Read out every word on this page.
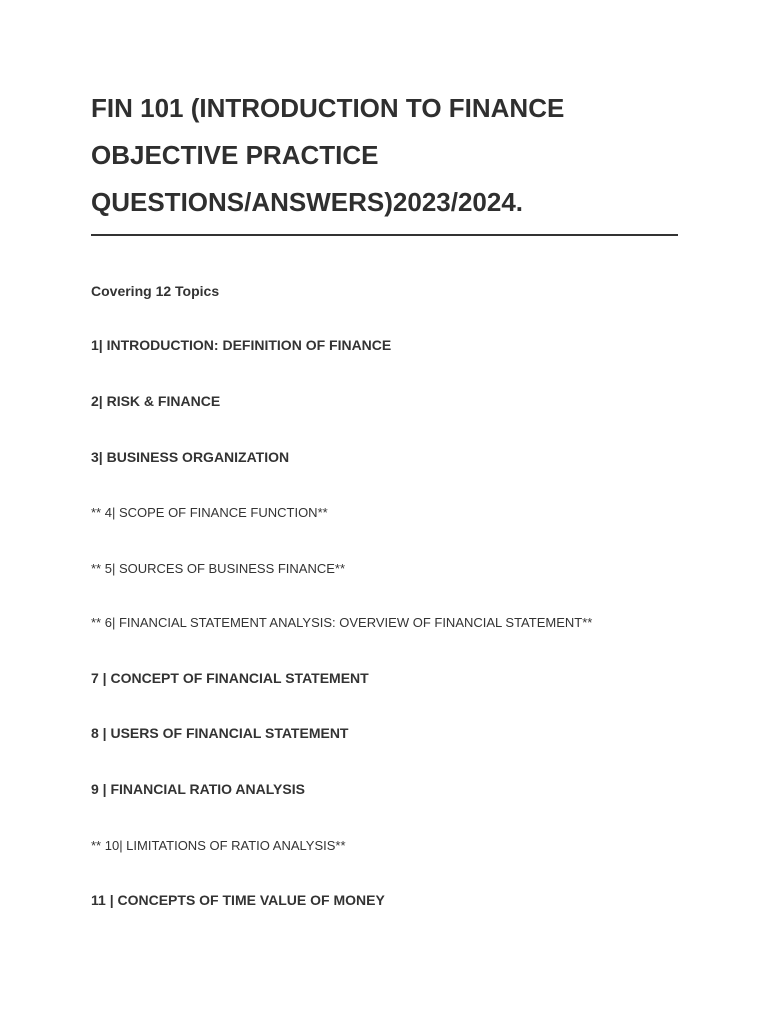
FIN 101 (INTRODUCTION TO FINANCE
OBJECTIVE PRACTICE
QUESTIONS/ANSWERS)2023/2024.
Covering 12 Topics
1| INTRODUCTION: DEFINITION OF FINANCE
2| RISK & FINANCE
3| BUSINESS ORGANIZATION
** 4| SCOPE OF FINANCE FUNCTION**
** 5| SOURCES OF BUSINESS FINANCE**
** 6| FINANCIAL STATEMENT ANALYSIS: OVERVIEW OF FINANCIAL STATEMENT**
7 | CONCEPT OF FINANCIAL STATEMENT
8 | USERS OF FINANCIAL STATEMENT
9 | FINANCIAL RATIO ANALYSIS
** 10| LIMITATIONS OF RATIO ANALYSIS**
11 | CONCEPTS OF TIME VALUE OF MONEY
